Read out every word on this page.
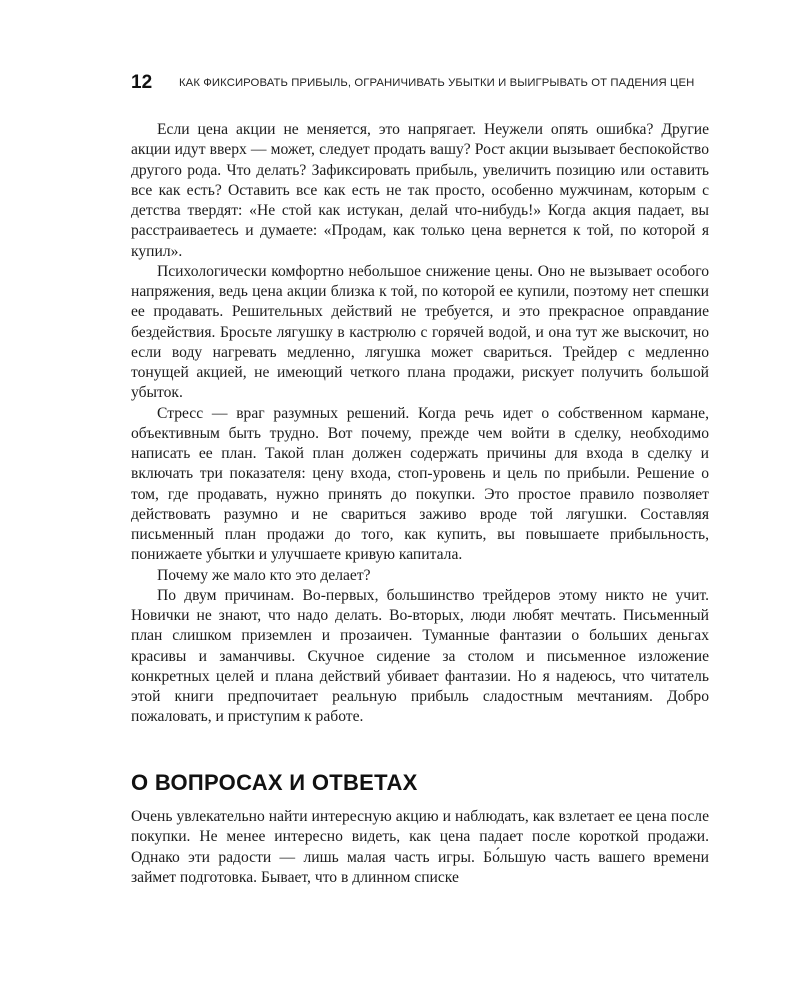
12	КАК ФИКСИРОВАТЬ ПРИБЫЛЬ, ОГРАНИЧИВАТЬ УБЫТКИ И ВЫИГРЫВАТЬ ОТ ПАДЕНИЯ ЦЕН

Если цена акции не меняется, это напрягает. Неужели опять ошибка? Другие акции идут вверх — может, следует продать вашу? Рост акции вызывает беспокойство другого рода. Что делать? Зафиксировать прибыль, увеличить позицию или оставить все как есть? Оставить все как есть не так просто, особенно мужчинам, которым с детства твердят: «Не стой как истукан, делай что-нибудь!» Когда акция падает, вы расстраиваетесь и думаете: «Продам, как только цена вернется к той, по которой я купил».

Психологически комфортно небольшое снижение цены. Оно не вызывает особого напряжения, ведь цена акции близка к той, по которой ее купили, поэтому нет спешки ее продавать. Решительных действий не требуется, и это прекрасное оправдание бездействия. Бросьте лягушку в кастрюлю с горячей водой, и она тут же выскочит, но если воду нагревать медленно, лягушка может свариться. Трейдер с медленно тонущей акцией, не имеющий четкого плана продажи, рискует получить большой убыток.

Стресс — враг разумных решений. Когда речь идет о собственном кармане, объективным быть трудно. Вот почему, прежде чем войти в сделку, необходимо написать ее план. Такой план должен содержать причины для входа в сделку и включать три показателя: цену входа, стоп-уровень и цель по прибыли. Решение о том, где продавать, нужно принять до покупки. Это простое правило позволяет действовать разумно и не свариться заживо вроде той лягушки. Составляя письменный план продажи до того, как купить, вы повышаете прибыльность, понижаете убытки и улучшаете кривую капитала.

Почему же мало кто это делает?

По двум причинам. Во-первых, большинство трейдеров этому никто не учит. Новички не знают, что надо делать. Во-вторых, люди любят мечтать. Письменный план слишком приземлен и прозаичен. Туманные фантазии о больших деньгах красивы и заманчивы. Скучное сидение за столом и письменное изложение конкретных целей и плана действий убивает фантазии. Но я надеюсь, что читатель этой книги предпочитает реальную прибыль сладостным мечтаниям. Добро пожаловать, и приступим к работе.

О ВОПРОСАХ И ОТВЕТАХ

Очень увлекательно найти интересную акцию и наблюдать, как взлетает ее цена после покупки. Не менее интересно видеть, как цена падает после короткой продажи. Однако эти радости — лишь малая часть игры. Бо́льшую часть вашего времени займет подготовка. Бывает, что в длинном списке
